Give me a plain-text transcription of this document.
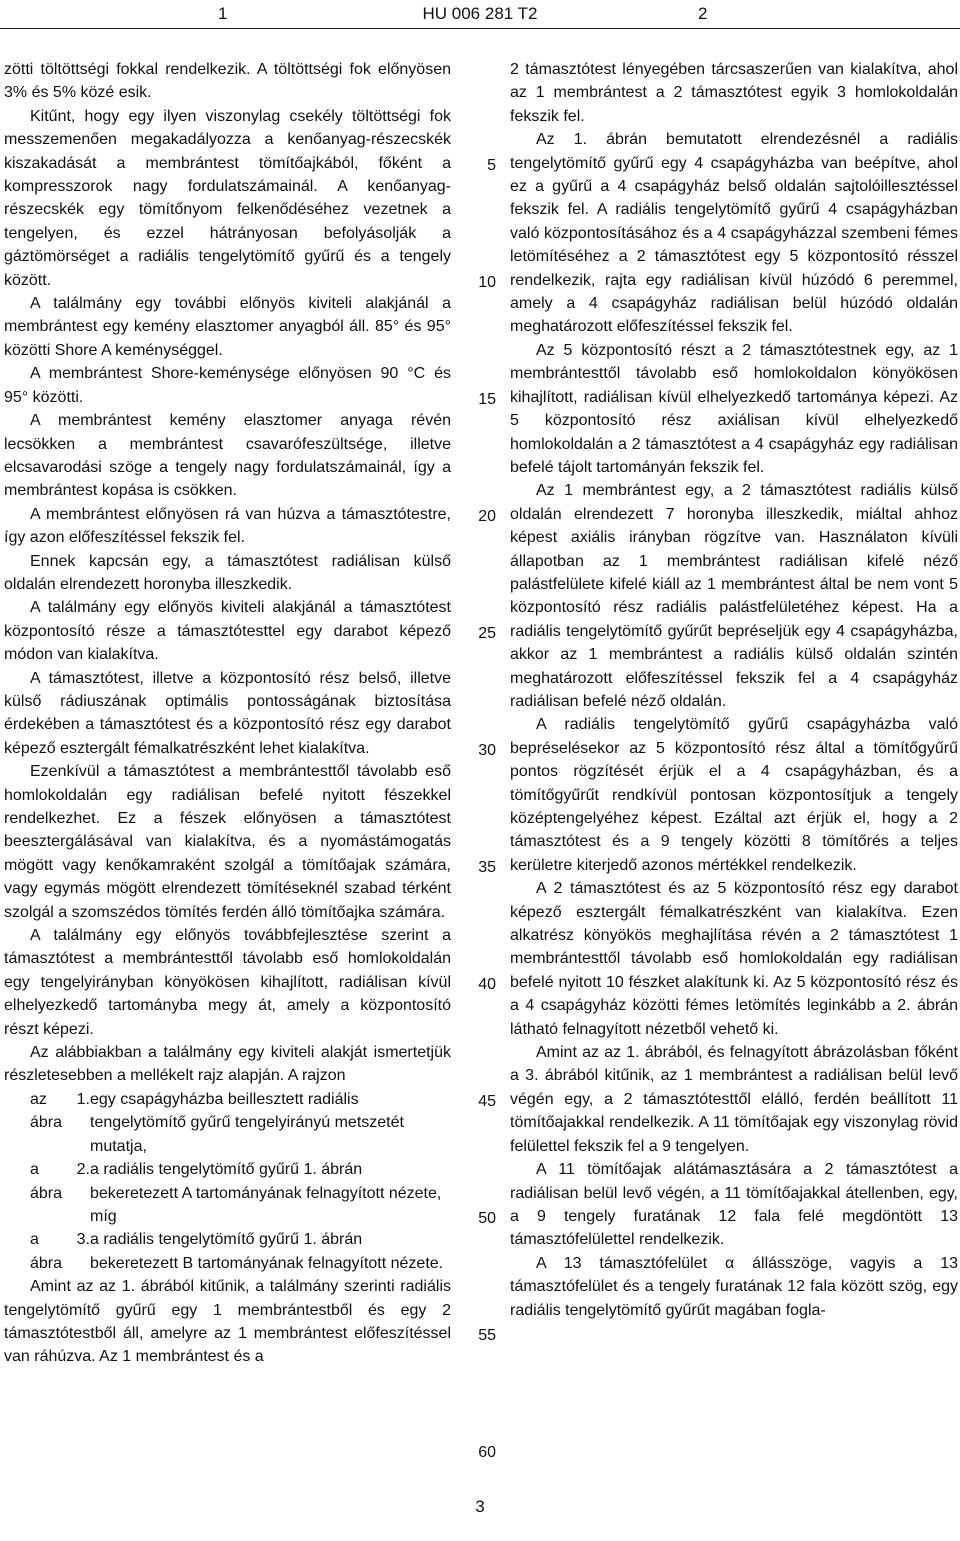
1	HU 006 281 T2	2

zötti töltöttségi fokkal rendelkezik. A töltöttségi fok előnyösen 3% és 5% közé esik.

Kitűnt, hogy egy ilyen viszonylag csekély töltöttségi fok messzemenően megakadályozza a kenőanyag-részecskék kiszakadását a membrántest tömítőajkából, főként a kompresszorok nagy fordulatszámainál. A kenőanyag-részecskék egy tömítőnyom felkenődéséhez vezetnek a tengelyen, és ezzel hátrányosan befolyásolják a gáztömörséget a radiális tengelytömítő gyűrű és a tengely között.

A találmány egy további előnyös kiviteli alakjánál a membrántest egy kemény elasztomer anyagból áll. 85° és 95° közötti Shore A keménységgel.

A membrántest Shore-keménysége előnyösen 90 °C és 95° közötti.

A membrántest kemény elasztomer anyaga révén lecsökken a membrántest csavarófeszültsége, illetve elcsavarodási szöge a tengely nagy fordulatszámainál, így a membrántest kopása is csökken.

A membrántest előnyösen rá van húzva a támasztótestre, így azon előfeszítéssel fekszik fel.

Ennek kapcsán egy, a támasztótest radiálisan külső oldalán elrendezett horonyba illeszkedik.

A találmány egy előnyös kiviteli alakjánál a támasztótest központosító része a támasztótesttel egy darabot képező módon van kialakítva.

A támasztótest, illetve a központosító rész belső, illetve külső rádiuszának optimális pontosságának biztosítása érdekében a támasztótest és a központosító rész egy darabot képező esztergált fémalkatrészként lehet kialakítva.

Ezenkívül a támasztótest a membrántesttől távolabb eső homlokoldalán egy radiálisan befelé nyitott fészekkel rendelkezhet. Ez a fészek előnyösen a támasztótest beesztergálásával van kialakítva, és a nyomástámogatás mögött vagy kenőkamraként szolgál a tömítőajak számára, vagy egymás mögött elrendezett tömítéseknél szabad térként szolgál a szomszédos tömítés ferdén álló tömítőajka számára.

A találmány egy előnyös továbbfejlesztése szerint a támasztótest a membrántesttől távolabb eső homlokoldalán egy tengelyirányban könyökösen kihajlított, radiálisan kívül elhelyezkedő tartományba megy át, amely a központosító részt képezi.

Az alábbiakban a találmány egy kiviteli alakját ismertetjük részletesebben a mellékelt rajz alapján. A rajzon

az 1. ábra
egy csapágyházba beillesztett radiális tengelytömítő gyűrű tengelyirányú metszetét mutatja,
a 2. ábra
a radiális tengelytömítő gyűrű 1. ábrán bekeretezett A tartományának felnagyított nézete, míg
a 3. ábra
a radiális tengelytömítő gyűrű 1. ábrán bekeretezett B tartományának felnagyított nézete.

Amint az az 1. ábrából kitűnik, a találmány szerinti radiális tengelytömítő gyűrű egy 1 membrántestből és egy 2 támasztótestből áll, amelyre az 1 membrántest előfeszítéssel van ráhúzva. Az 1 membrántest és a

5
10
15
20
25
30
35
40
45
50
55
60

2 támasztótest lényegében tárcsaszerűen van kialakítva, ahol az 1 membrántest a 2 támasztótest egyik 3 homlokoldalán fekszik fel.

Az 1. ábrán bemutatott elrendezésnél a radiális tengelytömítő gyűrű egy 4 csapágyházba van beépítve, ahol ez a gyűrű a 4 csapágyház belső oldalán sajtolóillesztéssel fekszik fel. A radiális tengelytömítő gyűrű 4 csapágyházban való központosításához és a 4 csapágyházzal szembeni fémes letömítéséhez a 2 támasztótest egy 5 központosító résszel rendelkezik, rajta egy radiálisan kívül húzódó 6 peremmel, amely a 4 csapágyház radiálisan belül húzódó oldalán meghatározott előfeszítéssel fekszik fel.

Az 5 központosító részt a 2 támasztótestnek egy, az 1 membrántesttől távolabb eső homlokoldalon könyökösen kihajlított, radiálisan kívül elhelyezkedő tartománya képezi. Az 5 központosító rész axiálisan kívül elhelyezkedő homlokoldalán a 2 támasztótest a 4 csapágyház egy radiálisan befelé tájolt tartományán fekszik fel.

Az 1 membrántest egy, a 2 támasztótest radiális külső oldalán elrendezett 7 horonyba illeszkedik, miáltal ahhoz képest axiális irányban rögzítve van. Használaton kívüli állapotban az 1 membrántest radiálisan kifelé néző palástfelülete kifelé kiáll az 1 membrántest által be nem vont 5 központosító rész radiális palástfelületéhez képest. Ha a radiális tengelytömítő gyűrűt bepréseljük egy 4 csapágyházba, akkor az 1 membrántest a radiális külső oldalán szintén meghatározott előfeszítéssel fekszik fel a 4 csapágyház radiálisan befelé néző oldalán.

A radiális tengelytömítő gyűrű csapágyházba való bepréselésekor az 5 központosító rész által a tömítőgyűrű pontos rögzítését érjük el a 4 csapágyházban, és a tömítőgyűrűt rendkívül pontosan központosítjuk a tengely középtengelyéhez képest. Ezáltal azt érjük el, hogy a 2 támasztótest és a 9 tengely közötti 8 tömítőrés a teljes kerületre kiterjedő azonos mértékkel rendelkezik.

A 2 támasztótest és az 5 központosító rész egy darabot képező esztergált fémalkatrészként van kialakítva. Ezen alkatrész könyökös meghajlítása révén a 2 támasztótest 1 membrántesttől távolabb eső homlokoldalán egy radiálisan befelé nyitott 10 fészket alakítunk ki. Az 5 központosító rész és a 4 csapágyház közötti fémes letömítés leginkább a 2. ábrán látható felnagyított nézetből vehető ki.

Amint az az 1. ábrából, és felnagyított ábrázolásban főként a 3. ábrából kitűnik, az 1 membrántest a radiálisan belül levő végén egy, a 2 támasztótesttől elálló, ferdén beállított 11 tömítőajakkal rendelkezik. A 11 tömítőajak egy viszonylag rövid felülettel fekszik fel a 9 tengelyen.

A 11 tömítőajak alátámasztására a 2 támasztótest a radiálisan belül levő végén, a 11 tömítőajakkal átellenben, egy, a 9 tengely furatának 12 fala felé megdöntött 13 támasztófelülettel rendelkezik.

A 13 támasztófelület α állásszöge, vagyis a 13 támasztófelület és a tengely furatának 12 fala között szög, egy radiális tengelytömítő gyűrűt magában fogla-

3
